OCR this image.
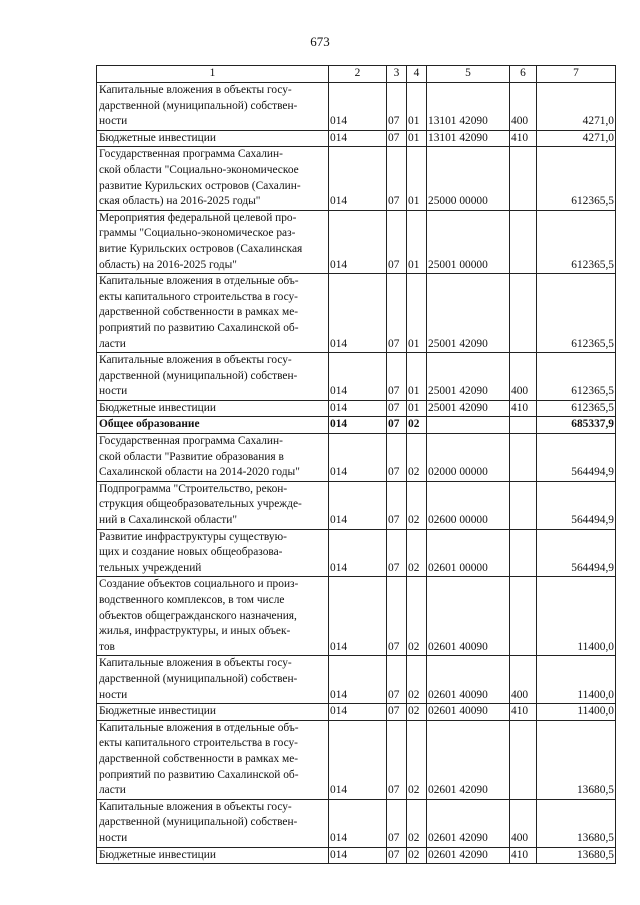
673
1	2	3	4	5	6	7
Капитальные вложения в объекты госу-
дарственной (муниципальной) собствен-
ности	014	07	01	13101 42090	400	4271,0
Бюджетные инвестиции	014	07	01	13101 42090	410	4271,0
Государственная программа Сахалин-
ской области "Социально-экономическое
развитие Курильских островов (Сахалин-
ская область) на 2016-2025 годы"	014	07	01	25000 00000		612365,5
Мероприятия федеральной целевой про-
граммы "Социально-экономическое раз-
витие Курильских островов (Сахалинская
область) на 2016-2025 годы"	014	07	01	25001 00000		612365,5
Капитальные вложения в отдельные объ-
екты капитального строительства в госу-
дарственной собственности в рамках ме-
роприятий по развитию Сахалинской об-
ласти	014	07	01	25001 42090		612365,5
Капитальные вложения в объекты госу-
дарственной (муниципальной) собствен-
ности	014	07	01	25001 42090	400	612365,5
Бюджетные инвестиции	014	07	01	25001 42090	410	612365,5
Общее образование	014	07	02			685337,9
Государственная программа Сахалин-
ской области "Развитие образования в
Сахалинской области на 2014-2020 годы"	014	07	02	02000 00000		564494,9
Подпрограмма "Строительство, рекон-
струкция общеобразовательных учрежде-
ний в Сахалинской области"	014	07	02	02600 00000		564494,9
Развитие инфраструктуры существую-
щих и создание новых общеобразова-
тельных учреждений	014	07	02	02601 00000		564494,9
Создание объектов социального и произ-
водственного комплексов, в том числе
объектов общегражданского назначения,
жилья, инфраструктуры, и иных объек-
тов	014	07	02	02601 40090		11400,0
Капитальные вложения в объекты госу-
дарственной (муниципальной) собствен-
ности	014	07	02	02601 40090	400	11400,0
Бюджетные инвестиции	014	07	02	02601 40090	410	11400,0
Капитальные вложения в отдельные объ-
екты капитального строительства в госу-
дарственной собственности в рамках ме-
роприятий по развитию Сахалинской об-
ласти	014	07	02	02601 42090		13680,5
Капитальные вложения в объекты госу-
дарственной (муниципальной) собствен-
ности	014	07	02	02601 42090	400	13680,5
Бюджетные инвестиции	014	07	02	02601 42090	410	13680,5
